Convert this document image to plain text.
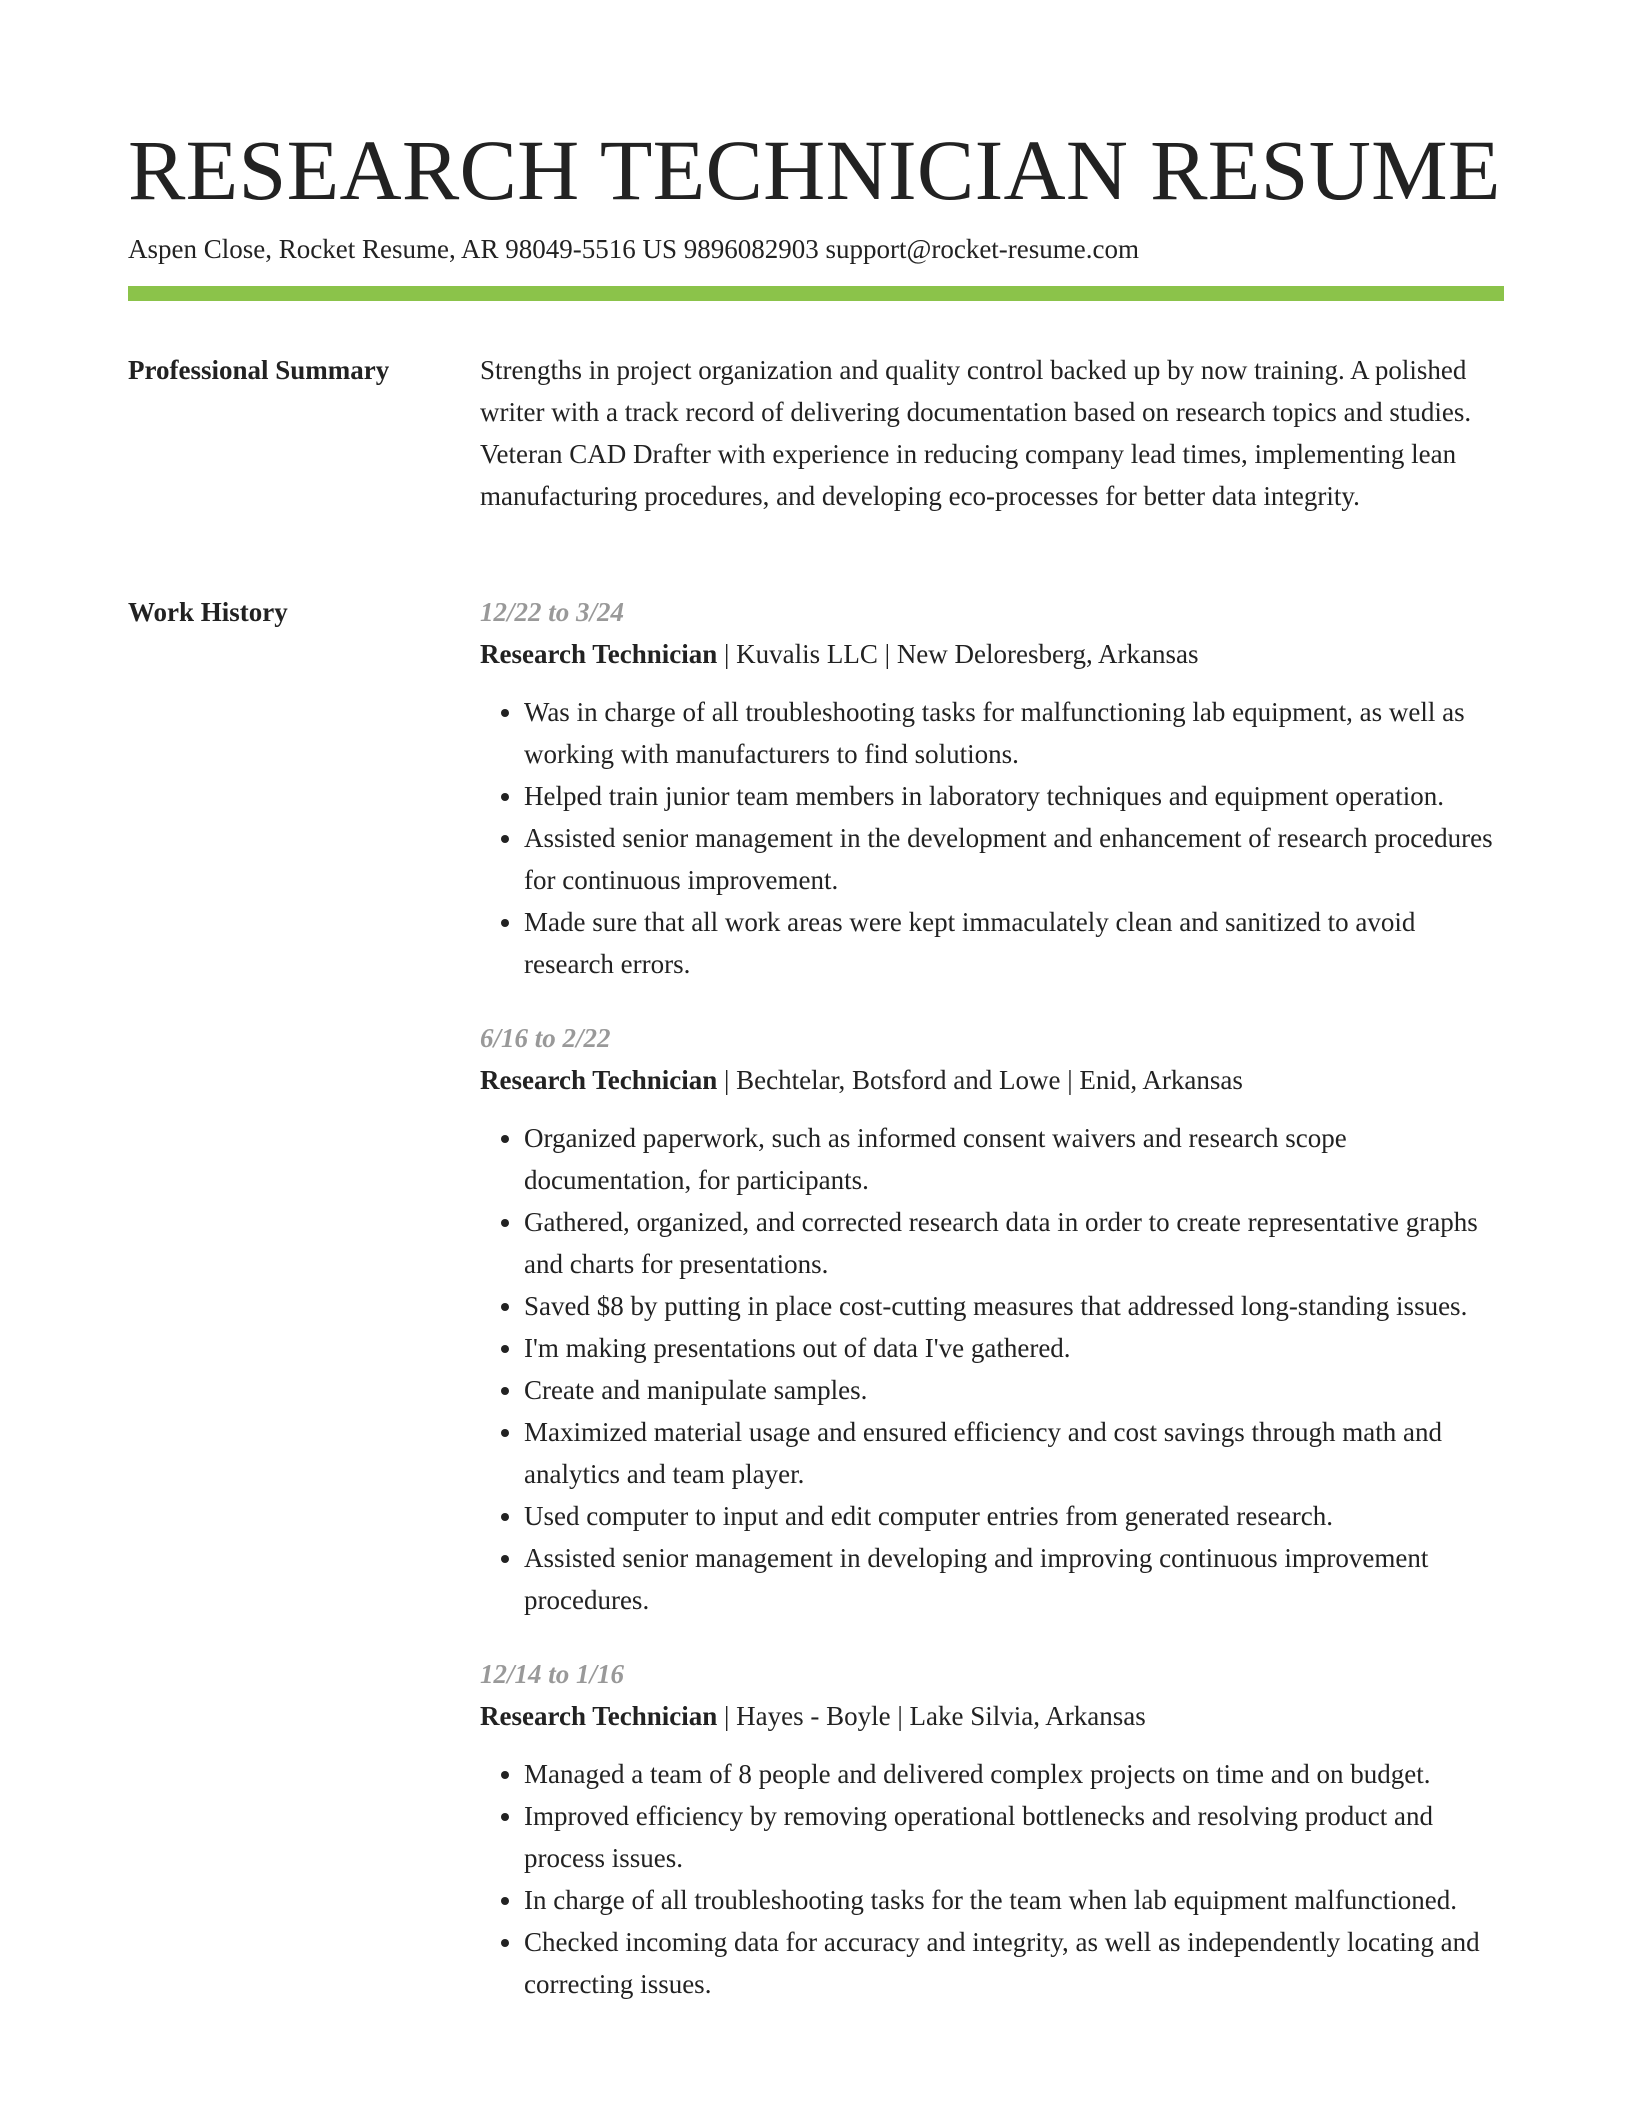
RESEARCH TECHNICIAN RESUME
Aspen Close, Rocket Resume, AR 98049-5516 US 9896082903 support@rocket-resume.com
Professional Summary	Strengths in project organization and quality control backed up by now training. A polished writer with a track record of delivering documentation based on research topics and studies. Veteran CAD Drafter with experience in reducing company lead times, implementing lean manufacturing procedures, and developing eco-processes for better data integrity.

Work History	12/22 to 3/24

Research Technician | Kuvalis LLC | New Deloresberg, Arkansas

• Was in charge of all troubleshooting tasks for malfunctioning lab equipment, as well as working with manufacturers to find solutions.
• Helped train junior team members in laboratory techniques and equipment operation.
• Assisted senior management in the development and enhancement of research procedures for continuous improvement.
• Made sure that all work areas were kept immaculately clean and sanitized to avoid research errors.

6/16 to 2/22

Research Technician | Bechtelar, Botsford and Lowe | Enid, Arkansas

• Organized paperwork, such as informed consent waivers and research scope documentation, for participants.
• Gathered, organized, and corrected research data in order to create representative graphs and charts for presentations.
• Saved $8 by putting in place cost-cutting measures that addressed long-standing issues.
• I'm making presentations out of data I've gathered.
• Create and manipulate samples.
• Maximized material usage and ensured efficiency and cost savings through math and analytics and team player.
• Used computer to input and edit computer entries from generated research.
• Assisted senior management in developing and improving continuous improvement procedures.

12/14 to 1/16

Research Technician | Hayes - Boyle | Lake Silvia, Arkansas

• Managed a team of 8 people and delivered complex projects on time and on budget.
• Improved efficiency by removing operational bottlenecks and resolving product and process issues.
• In charge of all troubleshooting tasks for the team when lab equipment malfunctioned.
• Checked incoming data for accuracy and integrity, as well as independently locating and correcting issues.
